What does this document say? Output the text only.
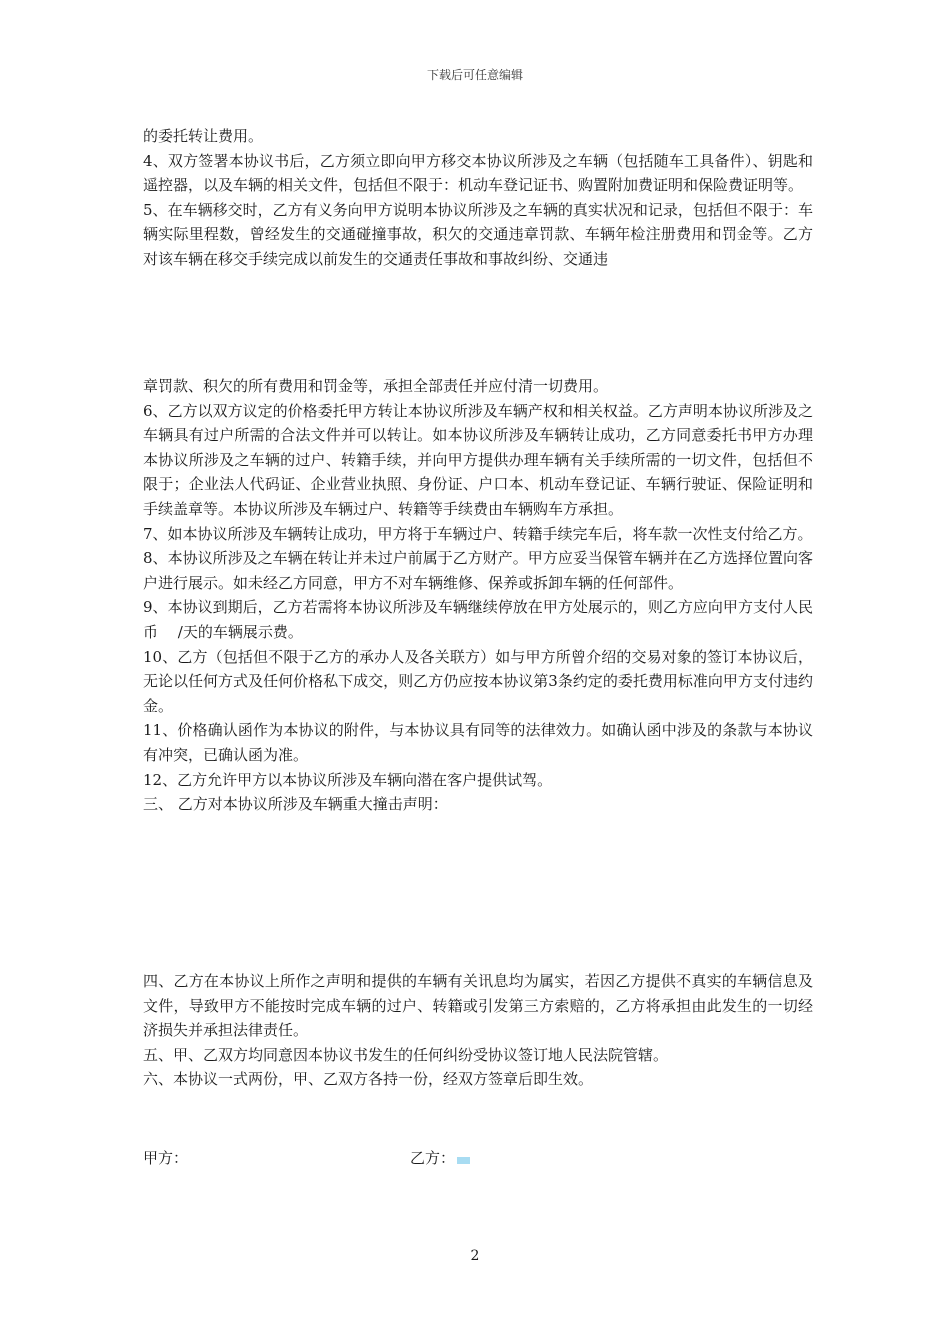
下载后可任意编辑

的委托转让费用。

4、双方签署本协议书后，乙方须立即向甲方移交本协议所涉及之车辆（包括随车工具备件）、钥匙和遥控器，以及车辆的相关文件，包括但不限于：机动车登记证书、购置附加费证明和保险费证明等。

5、在车辆移交时，乙方有义务向甲方说明本协议所涉及之车辆的真实状况和记录，包括但不限于：车辆实际里程数，曾经发生的交通碰撞事故，积欠的交通违章罚款、车辆年检注册费用和罚金等。乙方对该车辆在移交手续完成以前发生的交通责任事故和事故纠纷、交通违

章罚款、积欠的所有费用和罚金等，承担全部责任并应付清一切费用。

6、乙方以双方议定的价格委托甲方转让本协议所涉及车辆产权和相关权益。乙方声明本协议所涉及之车辆具有过户所需的合法文件并可以转让。如本协议所涉及车辆转让成功，乙方同意委托书甲方办理本协议所涉及之车辆的过户、转籍手续，并向甲方提供办理车辆有关手续所需的一切文件，包括但不限于；企业法人代码证、企业营业执照、身份证、户口本、机动车登记证、车辆行驶证、保险证明和手续盖章等。本协议所涉及车辆过户、转籍等手续费由车辆购车方承担。

7、如本协议所涉及车辆转让成功，甲方将于车辆过户、转籍手续完车后，将车款一次性支付给乙方。

8、本协议所涉及之车辆在转让并未过户前属于乙方财产。甲方应妥当保管车辆并在乙方选择位置向客户进行展示。如未经乙方同意，甲方不对车辆维修、保养或拆卸车辆的任何部件。

9、本协议到期后，乙方若需将本协议所涉及车辆继续停放在甲方处展示的，则乙方应向甲方支付人民币　 /天的车辆展示费。

10、乙方（包括但不限于乙方的承办人及各关联方）如与甲方所曾介绍的交易对象的签订本协议后，无论以任何方式及任何价格私下成交，则乙方仍应按本协议第3条约定的委托费用标准向甲方支付违约金。

11、价格确认函作为本协议的附件，与本协议具有同等的法律效力。如确认函中涉及的条款与本协议有冲突，已确认函为准。

12、乙方允许甲方以本协议所涉及车辆向潜在客户提供试驾。

三、 乙方对本协议所涉及车辆重大撞击声明：

四、乙方在本协议上所作之声明和提供的车辆有关讯息均为属实，若因乙方提供不真实的车辆信息及文件，导致甲方不能按时完成车辆的过户、转籍或引发第三方索赔的，乙方将承担由此发生的一切经济损失并承担法律责任。

五、甲、乙双方均同意因本协议书发生的任何纠纷受协议签订地人民法院管辖。

六、本协议一式两份，甲、乙双方各持一份，经双方签章后即生效。

甲方：	乙方：
2
